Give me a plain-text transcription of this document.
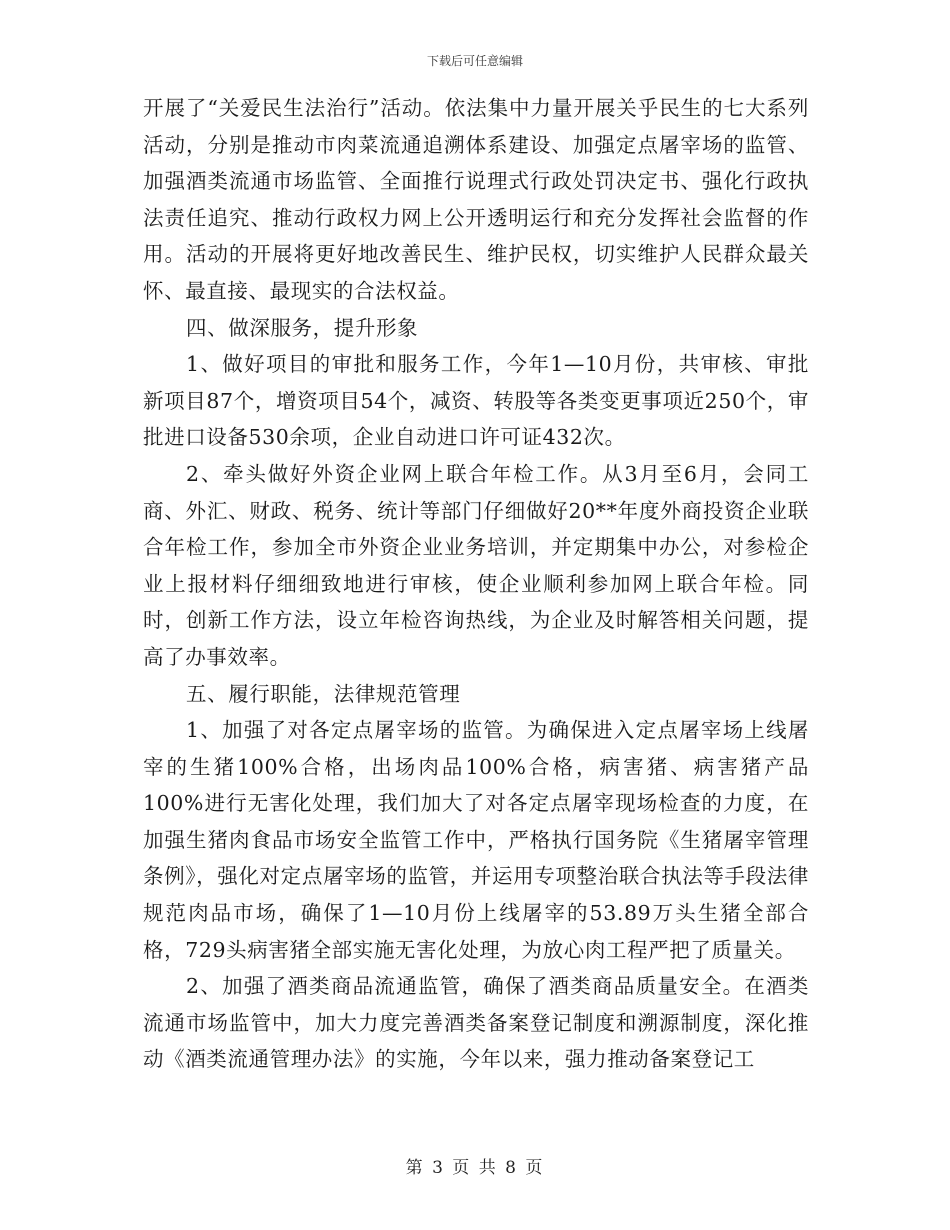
下载后可任意编辑

开展了“关爱民生法治行”活动。依法集中力量开展关乎民生的七大系列活动，分别是推动市肉菜流通追溯体系建设、加强定点屠宰场的监管、加强酒类流通市场监管、全面推行说理式行政处罚决定书、强化行政执法责任追究、推动行政权力网上公开透明运行和充分发挥社会监督的作用。活动的开展将更好地改善民生、维护民权，切实维护人民群众最关怀、最直接、最现实的合法权益。

四、做深服务，提升形象

1、做好项目的审批和服务工作，今年1—10月份，共审核、审批新项目87个，增资项目54个，减资、转股等各类变更事项近250个，审批进口设备530余项，企业自动进口许可证432次。

2、牵头做好外资企业网上联合年检工作。从3月至6月，会同工商、外汇、财政、税务、统计等部门仔细做好20**年度外商投资企业联合年检工作，参加全市外资企业业务培训，并定期集中办公，对参检企业上报材料仔细细致地进行审核，使企业顺利参加网上联合年检。同时，创新工作方法，设立年检咨询热线，为企业及时解答相关问题，提高了办事效率。

五、履行职能，法律规范管理

1、加强了对各定点屠宰场的监管。为确保进入定点屠宰场上线屠宰的生猪100%合格，出场肉品100%合格，病害猪、病害猪产品100%进行无害化处理，我们加大了对各定点屠宰现场检查的力度，在加强生猪肉食品市场安全监管工作中，严格执行国务院《生猪屠宰管理条例》，强化对定点屠宰场的监管，并运用专项整治联合执法等手段法律规范肉品市场，确保了1—10月份上线屠宰的53.89万头生猪全部合格，729头病害猪全部实施无害化处理，为放心肉工程严把了质量关。

2、加强了酒类商品流通监管，确保了酒类商品质量安全。在酒类流通市场监管中，加大力度完善酒类备案登记制度和溯源制度，深化推动《酒类流通管理办法》的实施，今年以来，强力推动备案登记工

第 3 页 共 8 页
